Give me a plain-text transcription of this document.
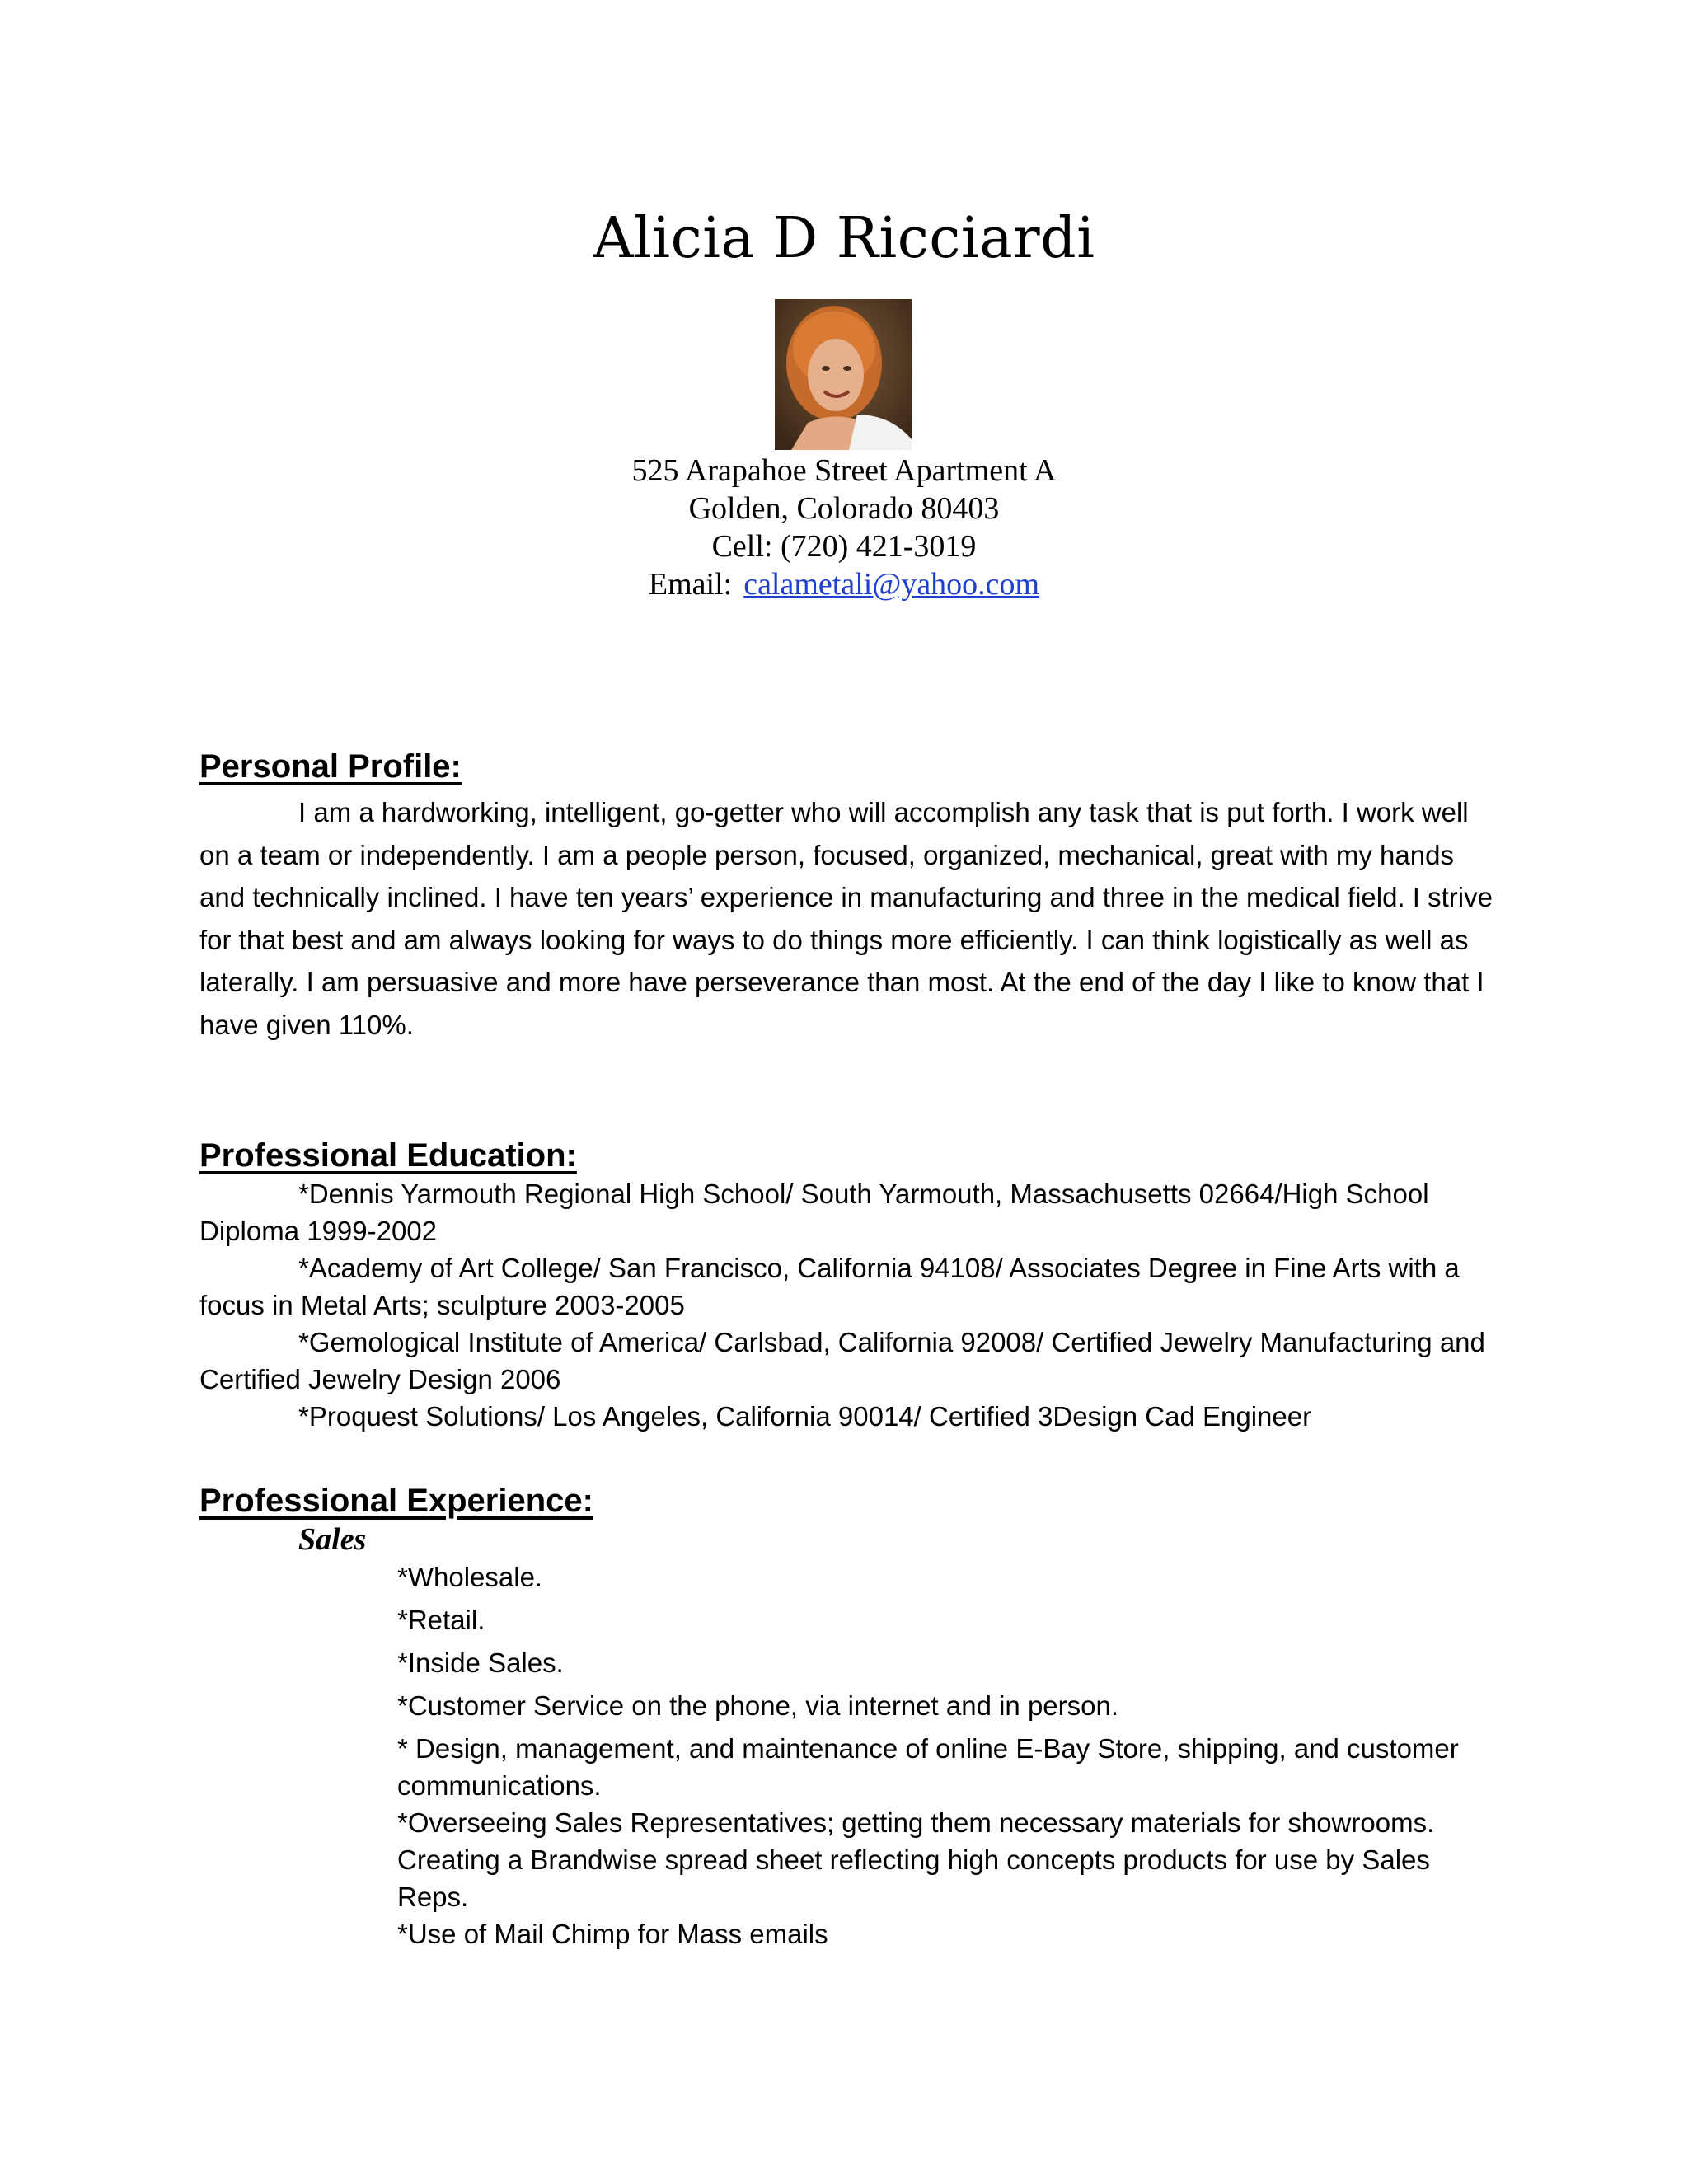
Alicia D Ricciardi
525 Arapahoe Street Apartment A
Golden, Colorado 80403
Cell: (720) 421-3019
Email: calametali@yahoo.com
Personal Profile:

I am a hardworking, intelligent, go-getter who will accomplish any task that is put forth. I work well on a team or independently. I am a people person, focused, organized, mechanical, great with my hands and technically inclined. I have ten years’ experience in manufacturing and three in the medical field. I strive for that best and am always looking for ways to do things more efficiently. I can think logistically as well as laterally. I am persuasive and more have perseverance than most. At the end of the day I like to know that I have given 110%.

Professional Education:

*Dennis Yarmouth Regional High School/ South Yarmouth, Massachusetts 02664/High School Diploma 1999-2002

*Academy of Art College/ San Francisco, California 94108/ Associates Degree in Fine Arts with a focus in Metal Arts; sculpture 2003-2005

*Gemological Institute of America/ Carlsbad, California 92008/ Certified Jewelry Manufacturing and Certified Jewelry Design 2006

*Proquest Solutions/ Los Angeles, California 90014/ Certified 3Design Cad Engineer

Professional Experience:
Sales
*Wholesale.
*Retail.
*Inside Sales.
*Customer Service on the phone, via internet and in person.
* Design, management, and maintenance of online E-Bay Store, shipping, and customer communications.
*Overseeing Sales Representatives; getting them necessary materials for showrooms. Creating a Brandwise spread sheet reflecting high concepts products for use by Sales Reps.
*Use of Mail Chimp for Mass emails
